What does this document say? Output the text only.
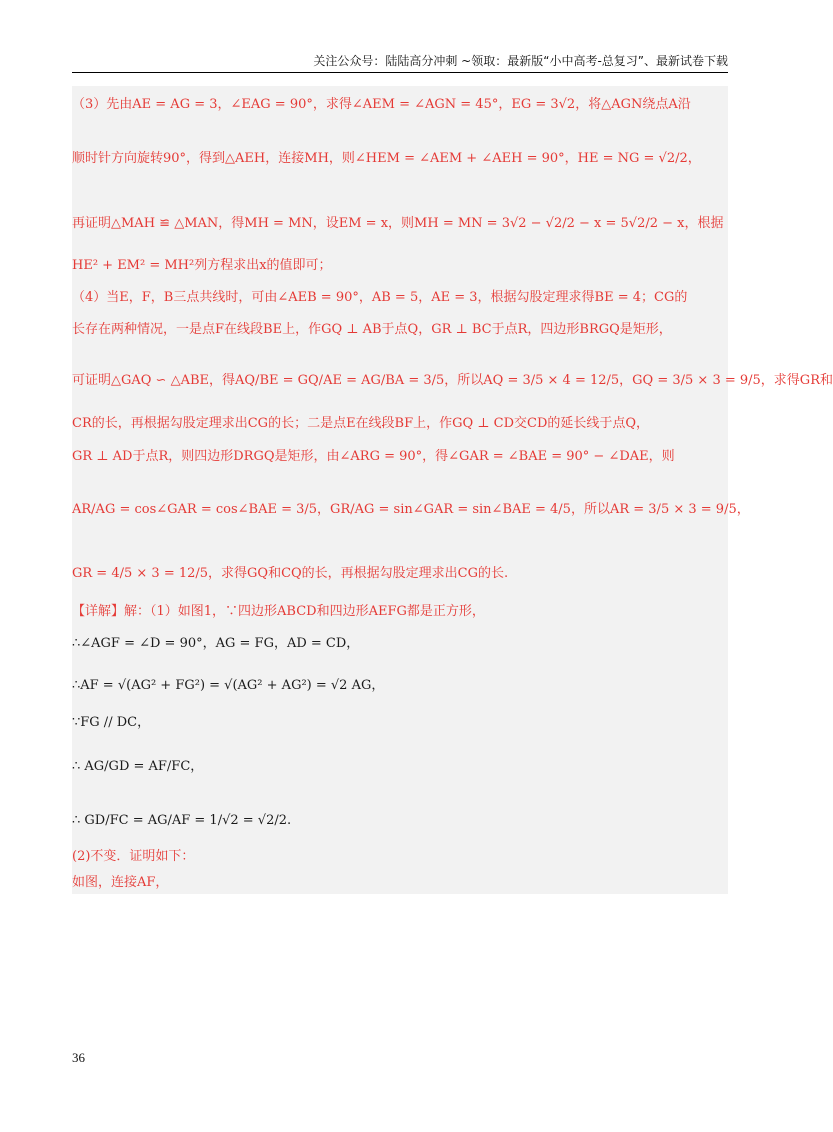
关注公众号：陆陆高分冲刺 ~领取：最新版“小中高考-总复习”、最新试卷下载
（3）先由AE = AG = 3，∠EAG = 90°，求得∠AEM = ∠AGN = 45°，EG = 3√2，将△AGN绕点A沿
顺时针方向旋转90°，得到△AEH，连接MH，则∠HEM = ∠AEM + ∠AEH = 90°，HE = NG = √2/2，
再证明△MAH ≌ △MAN，得MH = MN，设EM = x，则MH = MN = 3√2 − √2/2 − x = 5√2/2 − x，根据
HE² + EM² = MH²列方程求出x的值即可；
（4）当E，F，B三点共线时，可由∠AEB = 90°，AB = 5，AE = 3，根据勾股定理求得BE = 4；CG的
长存在两种情况，一是点F在线段BE上，作GQ ⊥ AB于点Q，GR ⊥ BC于点R，四边形BRGQ是矩形，
可证明△GAQ ∽ △ABE，得AQ/BE = GQ/AE = AG/BA = 3/5，所以AQ = 3/5 × 4 = 12/5，GQ = 3/5 × 3 = 9/5，求得GR和
CR的长，再根据勾股定理求出CG的长；二是点E在线段BF上，作GQ ⊥ CD交CD的延长线于点Q，
GR ⊥ AD于点R，则四边形DRGQ是矩形，由∠ARG = 90°，得∠GAR = ∠BAE = 90° − ∠DAE，则
AR/AG = cos∠GAR = cos∠BAE = 3/5，GR/AG = sin∠GAR = sin∠BAE = 4/5，所以AR = 3/5 × 3 = 9/5，
GR = 4/5 × 3 = 12/5，求得GQ和CQ的长，再根据勾股定理求出CG的长.
【详解】解：（1）如图1，∵四边形ABCD和四边形AEFG都是正方形，
∴∠AGF = ∠D = 90°，AG = FG，AD = CD，
∴AF = √(AG² + FG²) = √(AG² + AG²) = √2 AG，
∵FG // DC，
∴ AG/GD = AF/FC，
∴ GD/FC = AG/AF = 1/√2 = √2/2.
(2)不变．证明如下：
如图，连接AF，
36
